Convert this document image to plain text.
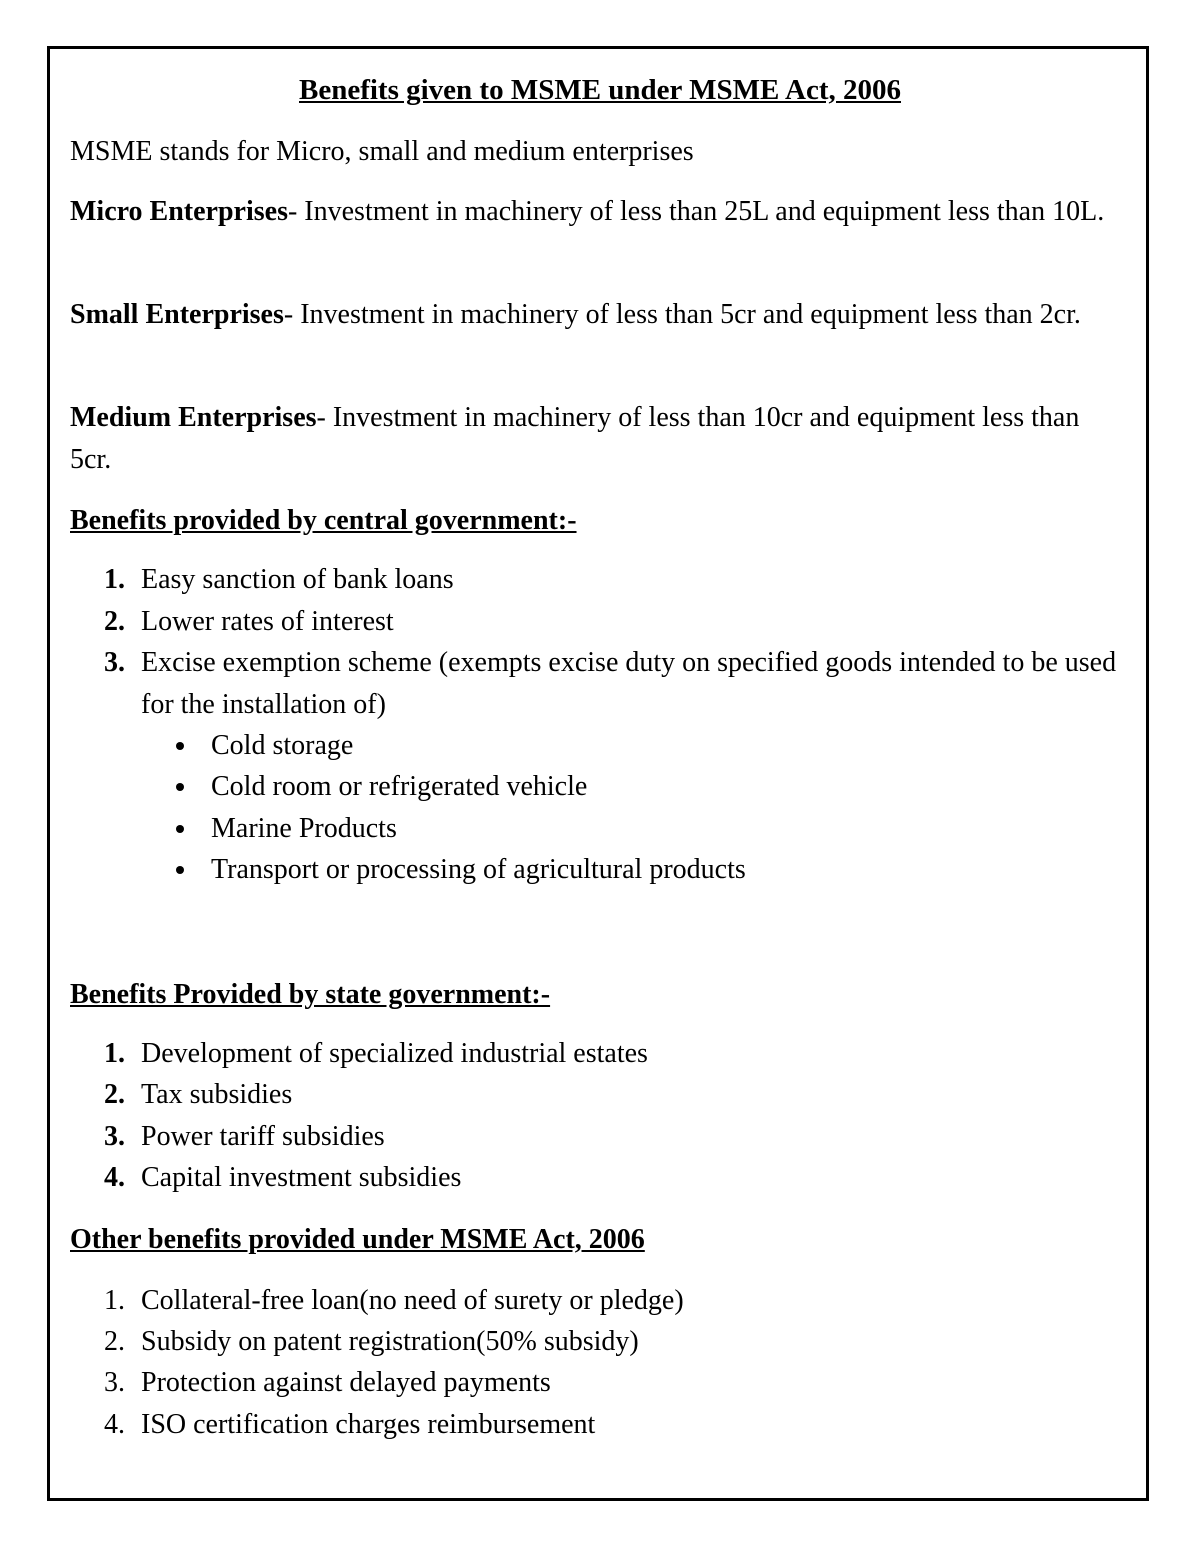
Benefits given to MSME under MSME Act, 2006
MSME stands for Micro, small and medium enterprises
Micro Enterprises- Investment in machinery of less than 25L and equipment less than 10L.
Small Enterprises- Investment in machinery of less than 5cr and equipment less than 2cr.
Medium Enterprises- Investment in machinery of less than 10cr and equipment less than 5cr.
Benefits provided by central government:-
1. Easy sanction of bank loans
2. Lower rates of interest
3. Excise exemption scheme (exempts excise duty on specified goods intended to be used for the installation of)
Cold storage
Cold room or refrigerated vehicle
Marine Products
Transport or processing of agricultural products
Benefits Provided by state government:-
1. Development of specialized industrial estates
2. Tax subsidies
3. Power tariff subsidies
4. Capital investment subsidies
Other benefits provided under MSME Act, 2006
1. Collateral-free loan(no need of surety or pledge)
2. Subsidy on patent registration(50% subsidy)
3. Protection against delayed payments
4. ISO certification charges reimbursement
